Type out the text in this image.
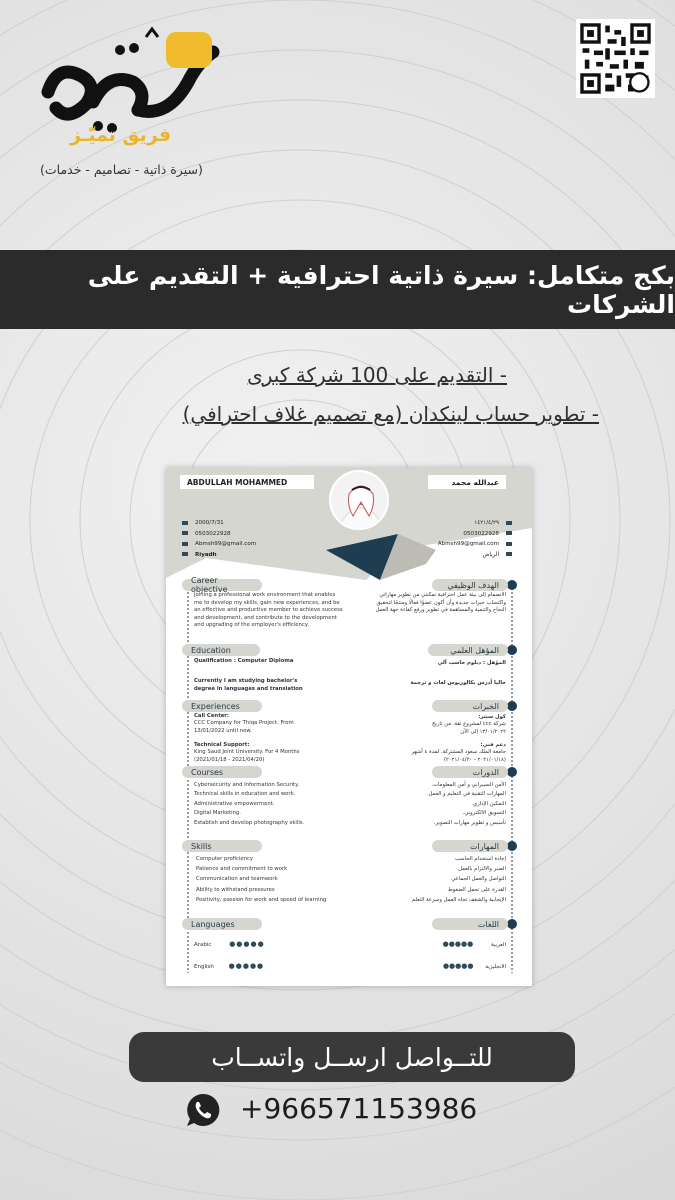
فريق تميّـز
(سيرة ذاتية - تصاميم - خدمات)
بكج متكامل: سيرة ذاتية احترافية + التقديم على الشركات
- التقديم على 100 شركة كبرى
- تطوير حساب لينكدان (مع تصميم غلاف احترافي)
ABDULLAH MOHAMMED	عبدالله محمد
2000/7/31
0503022928
Abmsh99@gmail.com
Riyadh
١٤٢١/٤/٢٩
0503022928
Abmsh99@gmail.com
الرياض
Career objective
Joining a professional work environment that enables me to develop my skills, gain new experiences, and be an effective and productive member to achieve success and development, and contribute to the development and upgrading of the employer's efficiency.
الهدف الوظيفي
الانضمام إلى بيئة عمل احترافية تمكنني من تطوير مهاراتي واكتساب خبرات جديدة وأن أكون عضوًا فعالًا ومنتجًا لتحقيق النجاح والتنمية والمساهمة في تطوير ورفع كفاءة جهة العمل
Education
Qualification : Computer Diploma
Currently I am studying bachelor's degree in languages and translation
المؤهل العلمي
المؤهل : دبلوم حاسب آلي
حاليا أدرس بكالوريوس لغات و ترجمة
Experiences
Call Center:
CCC Company for Thiqa Project. From 13/01/2022 until now.
Technical Support:
King Saud Jeint University. For 4 Months (2021/01/18 - 2021/04/20)
الخبرات
كول سنتر:
شركة ccc لمشروع ثقة. من تاريخ ١٣/٠١/٢٠٢٢ إلى الآن
دعم فني:
جامعة الملك سعود المشتركة. لمدة ٤ أشهر (٢٠٢١/٠١/١٨ - ٢٠٢١/٠٤/٢٠)
Courses
Cybersecurity and Information Security.
Technical skills in education and work.
Administrative empowerment.
Digital Marketing.
Establish and develop photography skills.
الدورات
الأمن السيبراني و أمن المعلومات.
المهارات التقنية في التعليم و العمل.
التمكين الإداري.
التسويق الالكتروني.
تأسيس و تطوير مهارات التصوير.
Skills
Computer proficiency
Patience and commitment to work
Communication and teamwork
Ability to withstand pressures
Positivity, passion for work and speed of learning
المهارات
إجادة استخدام الحاسب
الصبر والالتزام بالعمل
التواصل والعمل الجماعي
القدرة على تحمل الضغوط
الإيجابية والشغف تجاه العمل وسرعة التعلم
Languages
Arabic	●●●●●
English ●●●●●
اللغات
العربية ●●●●●
الانجليزية ●●●●●
للتــواصل ارســل واتســاب
+966571153986
